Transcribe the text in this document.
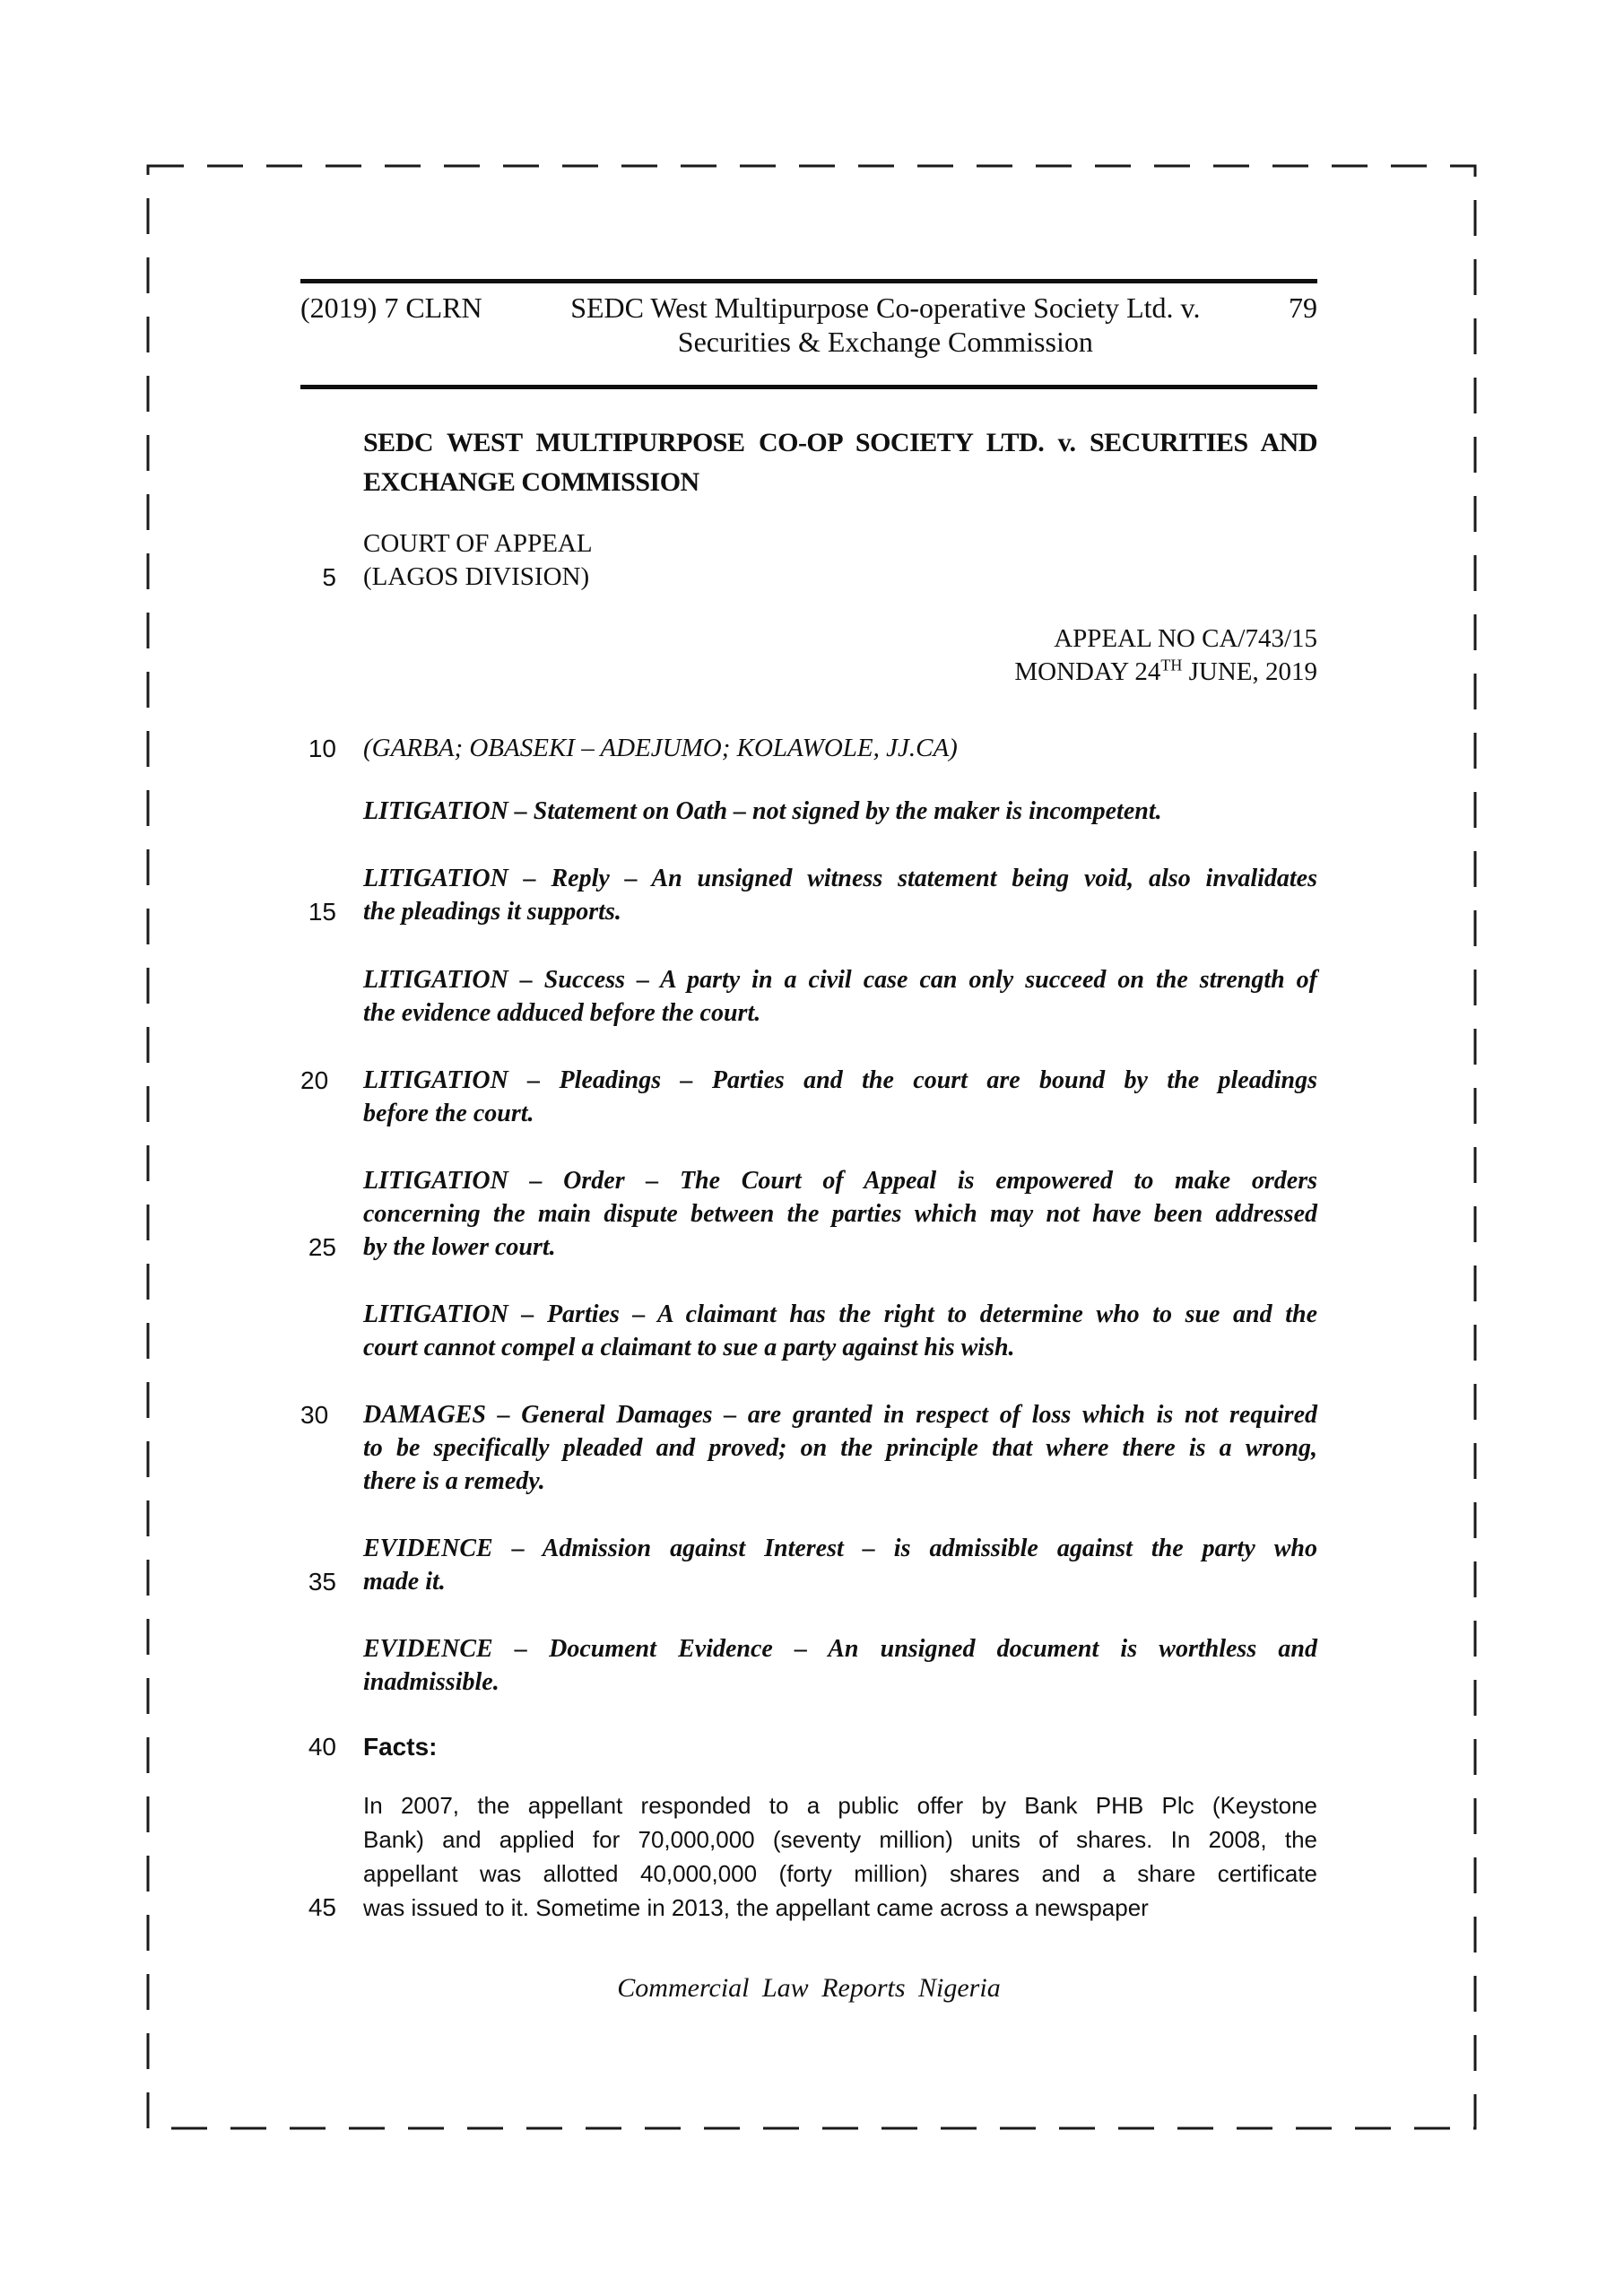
(2019) 7 CLRN	SEDC West Multipurpose Co-operative Society Ltd. v.
Securities & Exchange Commission
79
SEDC WEST MULTIPURPOSE CO-OP SOCIETY LTD. v. SECURITIES AND
EXCHANGE COMMISSION
COURT OF APPEAL
5 (LAGOS DIVISION)
APPEAL NO CA/743/15
MONDAY 24TH JUNE, 2019
10 (GARBA; OBASEKI – ADEJUMO; KOLAWOLE, JJ.CA)
LITIGATION – Statement on Oath – not signed by the maker is incompetent.
LITIGATION – Reply – An unsigned witness statement being void, also invalidates
15 the pleadings it supports.
LITIGATION – Success – A party in a civil case can only succeed on the strength of
the evidence adduced before the court.
20	LITIGATION – Pleadings – Parties and the court are bound by the pleadings
before the court.
LITIGATION – Order – The Court of Appeal is empowered to make orders
concerning the main dispute between the parties which may not have been addressed
25 by the lower court.
LITIGATION – Parties – A claimant has the right to determine who to sue and the
court cannot compel a claimant to sue a party against his wish.
30	DAMAGES – General Damages – are granted in respect of loss which is not required
to be specifically pleaded and proved; on the principle that where there is a wrong,
there is a remedy.
EVIDENCE – Admission against Interest – is admissible against the party who
35 made it.
EVIDENCE – Document Evidence – An unsigned document is worthless and
inadmissible.
40 Facts:
In 2007, the appellant responded to a public offer by Bank PHB Plc (Keystone
Bank) and applied for 70,000,000 (seventy million) units of shares. In 2008, the
appellant was allotted 40,000,000 (forty million) shares and a share certificate
45 was issued to it. Sometime in 2013, the appellant came across a newspaper
Commercial Law Reports Nigeria
